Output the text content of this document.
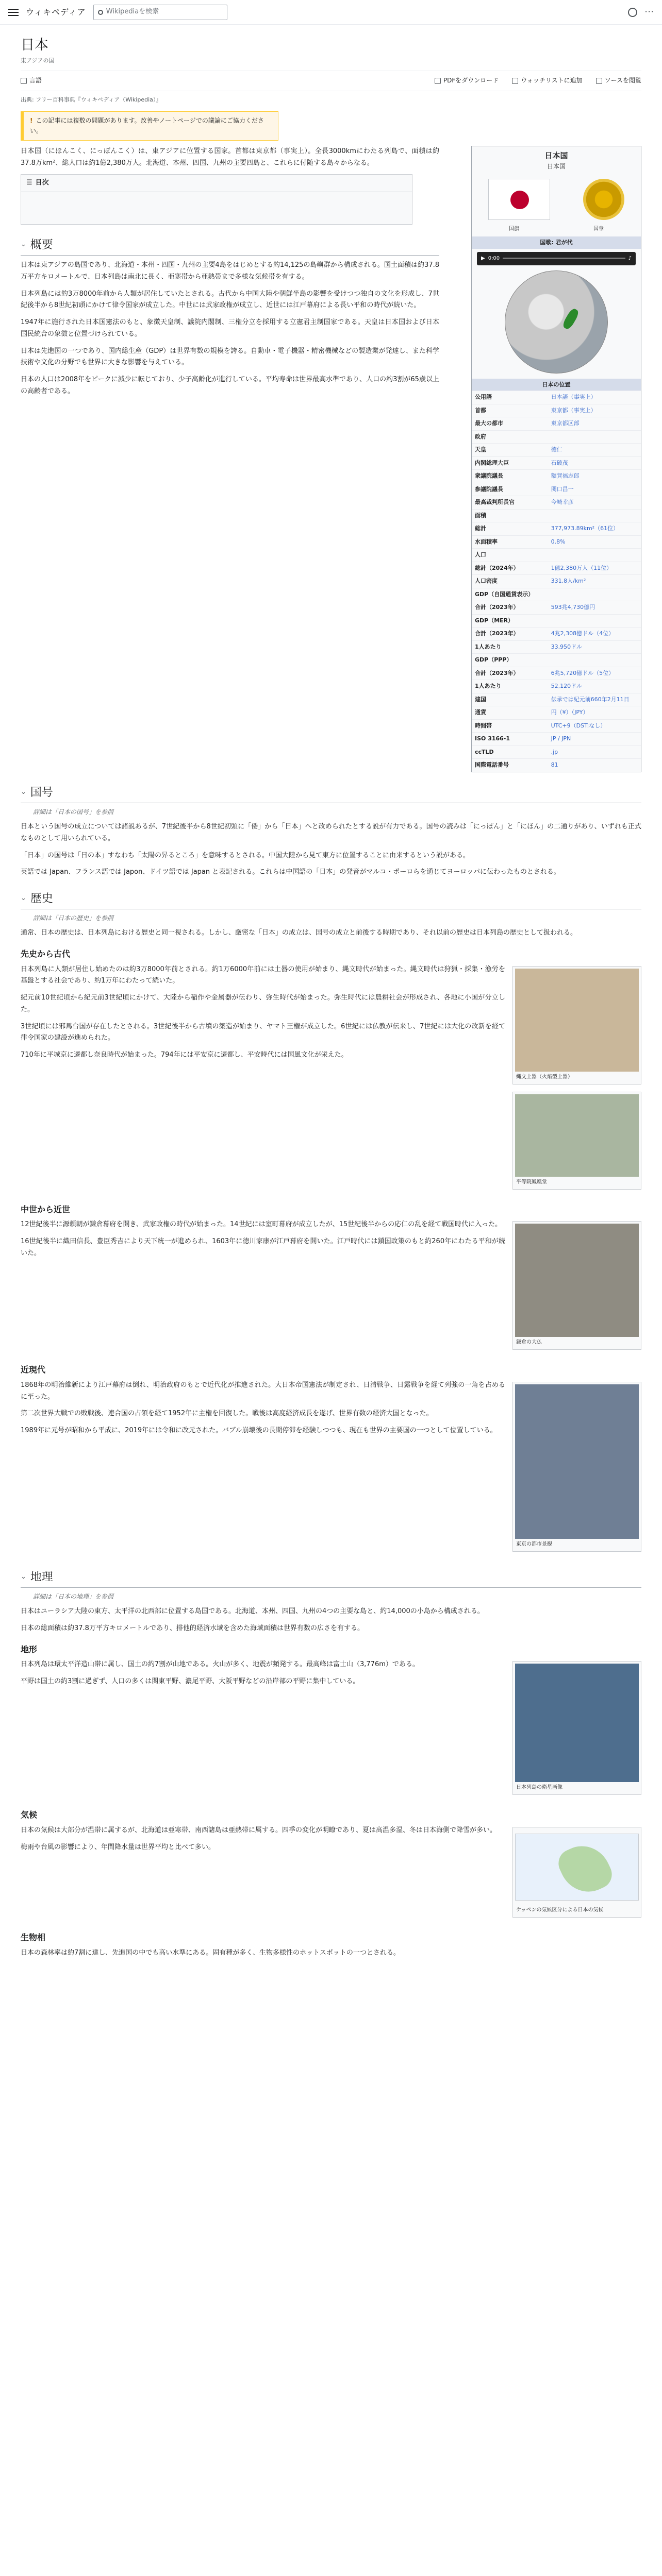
ウィキペディア	Wikipediaを検索	⋯
日本
東アジアの国
言語	PDFをダウンロード	ウォッチリストに追加	ソースを閲覧
出典: フリー百科事典『ウィキペディア（Wikipedia）』
! この記事には複数の問題があります。改善やノートページでの議論にご協力ください。
日本国
日本国
国旗	国章
国歌: 君が代
▶ 0:00	♪
日本の位置
公用語	日本語（事実上）
首都	東京都（事実上）
最大の都市	東京都区部
政府	
天皇	徳仁
内閣総理大臣	石破茂
衆議院議長	額賀福志郎
参議院議長	関口昌一
最高裁判所長官	今崎幸彦
面積	
総計	377,973.89km²（61位）
水面積率	0.8%
人口	
総計（2024年）	1億2,380万人（11位）
人口密度	331.8人/km²
GDP（自国通貨表示）	
合計（2023年）	593兆4,730億円
GDP（MER）	
合計（2023年）	4兆2,308億ドル（4位）
1人あたり	33,950ドル
GDP（PPP）	
合計（2023年）	6兆5,720億ドル（5位）
1人あたり	52,120ドル
建国	伝承では紀元前660年2月11日
通貨	円（¥）（JPY）
時間帯	UTC+9（DST:なし）
ISO 3166-1	JP / JPN
ccTLD	.jp
国際電話番号	81

日本国（にほんこく、にっぽんこく）は、東アジアに位置する国家。首都は東京都（事実上）。全長3000kmにわたる列島で、面積は約37.8万km²、総人口は約1億2,380万人。北海道、本州、四国、九州の主要四島と、これらに付随する島々からなる。

☰ 目次
⌄ 概要

日本は東アジアの島国であり、北海道・本州・四国・九州の主要4島をはじめとする約14,125の島嶼群から構成される。国土面積は約37.8万平方キロメートルで、日本列島は南北に長く、亜寒帯から亜熱帯まで多様な気候帯を有する。

日本列島には約3万8000年前から人類が居住していたとされる。古代から中国大陸や朝鮮半島の影響を受けつつ独自の文化を形成し、7世紀後半から8世紀初頭にかけて律令国家が成立した。中世には武家政権が成立し、近世には江戸幕府による長い平和の時代が続いた。

1947年に施行された日本国憲法のもと、象徴天皇制、議院内閣制、三権分立を採用する立憲君主制国家である。天皇は日本国および日本国民統合の象徴と位置づけられている。

日本は先進国の一つであり、国内総生産（GDP）は世界有数の規模を誇る。自動車・電子機器・精密機械などの製造業が発達し、また科学技術や文化の分野でも世界に大きな影響を与えている。

日本の人口は2008年をピークに減少に転じており、少子高齢化が進行している。平均寿命は世界最高水準であり、人口の約3割が65歳以上の高齢者である。

⌄ 国号
詳細は「日本の国号」を参照

日本という国号の成立については諸説あるが、7世紀後半から8世紀初頭に「倭」から「日本」へと改められたとする説が有力である。国号の読みは「にっぽん」と「にほん」の二通りがあり、いずれも正式なものとして用いられている。

「日本」の国号は「日の本」すなわち「太陽の昇るところ」を意味するとされる。中国大陸から見て東方に位置することに由来するという説がある。

英語では Japan、フランス語では Japon、ドイツ語では Japan と表記される。これらは中国語の「日本」の発音がマルコ・ポーロらを通じてヨーロッパに伝わったものとされる。

⌄ 歴史
詳細は「日本の歴史」を参照

通常、日本の歴史は、日本列島における歴史と同一視される。しかし、厳密な「日本」の成立は、国号の成立と前後する時期であり、それ以前の歴史は日本列島の歴史として扱われる。

先史から古代
縄文土器（火焔型土器）

日本列島に人類が居住し始めたのは約3万8000年前とされる。約1万6000年前には土器の使用が始まり、縄文時代が始まった。縄文時代は狩猟・採集・漁労を基盤とする社会であり、約1万年にわたって続いた。

紀元前10世紀頃から紀元前3世紀頃にかけて、大陸から稲作や金属器が伝わり、弥生時代が始まった。弥生時代には農耕社会が形成され、各地に小国が分立した。

平等院鳳凰堂

3世紀頃には邪馬台国が存在したとされる。3世紀後半から古墳の築造が始まり、ヤマト王権が成立した。6世紀には仏教が伝来し、7世紀には大化の改新を経て律令国家の建設が進められた。

710年に平城京に遷都し奈良時代が始まった。794年には平安京に遷都し、平安時代には国風文化が栄えた。

中世から近世
鎌倉の大仏

12世紀後半に源頼朝が鎌倉幕府を開き、武家政権の時代が始まった。14世紀には室町幕府が成立したが、15世紀後半からの応仁の乱を経て戦国時代に入った。

16世紀後半に織田信長、豊臣秀吉により天下統一が進められ、1603年に徳川家康が江戸幕府を開いた。江戸時代には鎖国政策のもと約260年にわたる平和が続いた。

近現代
東京の都市景観

1868年の明治維新により江戸幕府は倒れ、明治政府のもとで近代化が推進された。大日本帝国憲法が制定され、日清戦争、日露戦争を経て列強の一角を占めるに至った。

第二次世界大戦での敗戦後、連合国の占領を経て1952年に主権を回復した。戦後は高度経済成長を遂げ、世界有数の経済大国となった。

1989年に元号が昭和から平成に、2019年には令和に改元された。バブル崩壊後の長期停滞を経験しつつも、現在も世界の主要国の一つとして位置している。

⌄ 地理
詳細は「日本の地理」を参照

日本はユーラシア大陸の東方、太平洋の北西部に位置する島国である。北海道、本州、四国、九州の4つの主要な島と、約14,000の小島から構成される。

日本の総面積は約37.8万平方キロメートルであり、排他的経済水域を含めた海域面積は世界有数の広さを有する。

地形
日本列島の衛星画像

日本列島は環太平洋造山帯に属し、国土の約7割が山地である。火山が多く、地震が頻発する。最高峰は富士山（3,776m）である。

平野は国土の約3割に過ぎず、人口の多くは関東平野、濃尾平野、大阪平野などの沿岸部の平野に集中している。

気候
ケッペンの気候区分による日本の気候

日本の気候は大部分が温帯に属するが、北海道は亜寒帯、南西諸島は亜熱帯に属する。四季の変化が明瞭であり、夏は高温多湿、冬は日本海側で降雪が多い。

梅雨や台風の影響により、年間降水量は世界平均と比べて多い。

生物相

日本の森林率は約7割に達し、先進国の中でも高い水準にある。固有種が多く、生物多様性のホットスポットの一つとされる。
